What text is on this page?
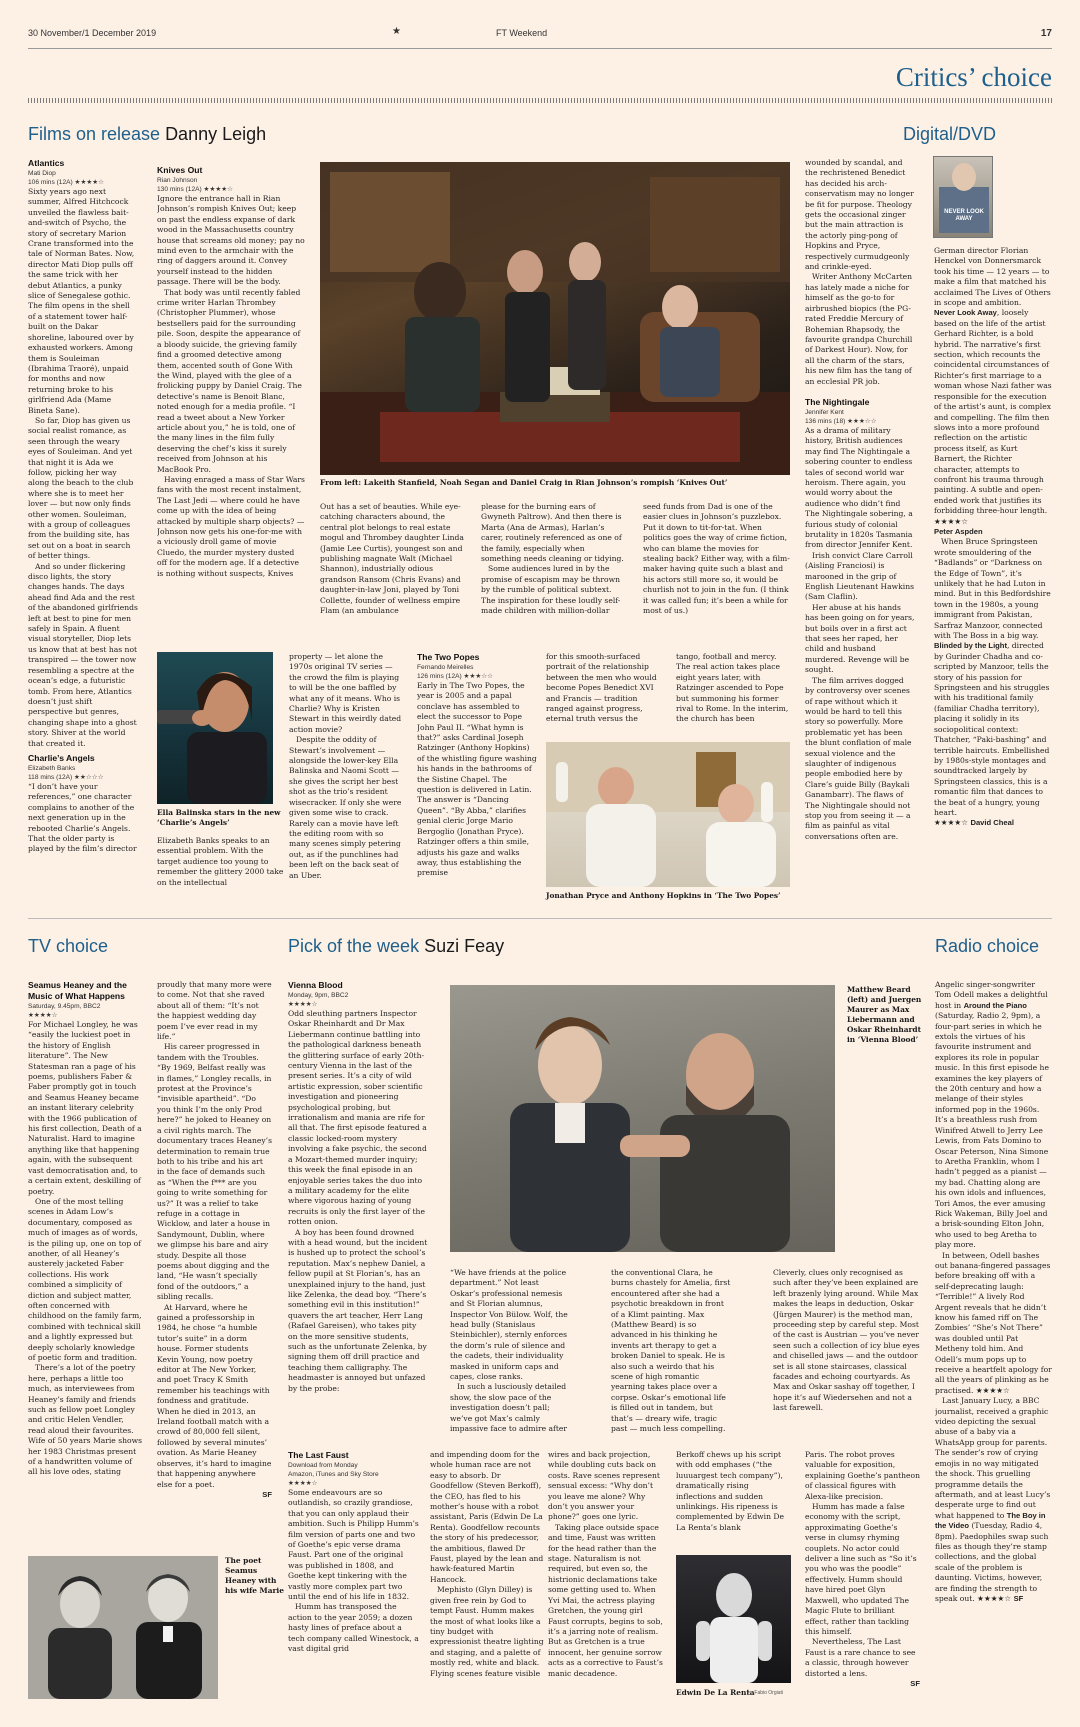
30 November/1 December 2019	★	FT Weekend	17
Critics’ choice
Films on release Danny Leigh	Digital/DVD
Atlantics
Mati Diop
106 mins (12A) ★★★★☆

Sixty years ago next summer, Alfred Hitchcock unveiled the flawless bait-and-switch of Psycho, the story of secretary Marion Crane transformed into the tale of Norman Bates. Now, director Mati Diop pulls off the same trick with her debut Atlantics, a punky slice of Senegalese gothic. The film opens in the shell of a statement tower half-built on the Dakar shoreline, laboured over by exhausted workers. Among them is Souleiman (Ibrahima Traoré), unpaid for months and now returning broke to his girlfriend Ada (Mame Bineta Sane).

So far, Diop has given us social realist romance, as seen through the weary eyes of Souleiman. And yet that night it is Ada we follow, picking her way along the beach to the club where she is to meet her lover — but now only finds other women. Souleiman, with a group of colleagues from the building site, has set out on a boat in search of better things.

And so under flickering disco lights, the story changes hands. The days ahead find Ada and the rest of the abandoned girlfriends left at best to pine for men safely in Spain. A fluent visual storyteller, Diop lets us know that at best has not transpired — the tower now resembling a spectre at the ocean’s edge, a futuristic tomb. From here, Atlantics doesn’t just shift perspective but genres, changing shape into a ghost story. Shiver at the world that created it.

Charlie’s Angels
Elizabeth Banks
118 mins (12A) ★★☆☆☆

“I don’t have your references,” one character complains to another of the next generation up in the rebooted Charlie’s Angels. That the older party is played by the film’s director

Knives Out
Rian Johnson
130 mins (12A) ★★★★☆

Ignore the entrance hall in Rian Johnson’s rompish Knives Out; keep on past the endless expanse of dark wood in the Massachusetts country house that screams old money; pay no mind even to the armchair with the ring of daggers around it. Convey yourself instead to the hidden passage. There will be the body.

That body was until recently fabled crime writer Harlan Thrombey (Christopher Plummer), whose bestsellers paid for the surrounding pile. Soon, despite the appearance of a bloody suicide, the grieving family find a groomed detective among them, accented south of Gone With the Wind, played with the glee of a frolicking puppy by Daniel Craig. The detective’s name is Benoit Blanc, noted enough for a media profile. “I read a tweet about a New Yorker article about you,” he is told, one of the many lines in the film fully deserving the chef’s kiss it surely received from Johnson at his MacBook Pro.

Having enraged a mass of Star Wars fans with the most recent instalment, The Last Jedi — where could he have come up with the idea of being attacked by multiple sharp objects? — Johnson now gets his one-for-me with a viciously droll game of movie Cluedo, the murder mystery dusted off for the modern age. If a detective is nothing without suspects, Knives

From left: Lakeith Stanfield, Noah Segan and Daniel Craig in Rian Johnson’s rompish ‘Knives Out’

Out has a set of beauties. While eye-catching characters abound, the central plot belongs to real estate mogul and Thrombey daughter Linda (Jamie Lee Curtis), youngest son and publishing magnate Walt (Michael Shannon), industrially odious grandson Ransom (Chris Evans) and daughter-in-law Joni, played by Toni Collette, founder of wellness empire Flam (an ambulance

please for the burning ears of Gwyneth Paltrow). And then there is Marta (Ana de Armas), Harlan’s carer, routinely referenced as one of the family, especially when something needs cleaning or tidying.

Some audiences lured in by the promise of escapism may be thrown by the rumble of political subtext. The inspiration for these loudly self-made children with million-dollar

seed funds from Dad is one of the easier clues in Johnson’s puzzlebox. Put it down to tit-for-tat. When politics goes the way of crime fiction, who can blame the movies for stealing back? Either way, with a film-maker having quite such a blast and his actors still more so, it would be churlish not to join in the fun. (I think it was called fun; it’s been a while for most of us.)

Ella Balinska stars in the new ‘Charlie’s Angels’

Elizabeth Banks speaks to an essential problem. With the target audience too young to remember the glittery 2000 take on the intellectual

property — let alone the 1970s original TV series — the crowd the film is playing to will be the one baffled by what any of it means. Who is Charlie? Why is Kristen Stewart in this weirdly dated action movie?

Despite the oddity of Stewart’s involvement — alongside the lower-key Ella Balinska and Naomi Scott — she gives the script her best shot as the trio’s resident wisecracker. If only she were given some wise to crack. Rarely can a movie have left the editing room with so many scenes simply petering out, as if the punchlines had been left on the back seat of an Uber.

The Two Popes
Fernando Meirelles
126 mins (12A) ★★★☆☆

Early in The Two Popes, the year is 2005 and a papal conclave has assembled to elect the successor to Pope John Paul II. “What hymn is that?” asks Cardinal Joseph Ratzinger (Anthony Hopkins) of the whistling figure washing his hands in the bathrooms of the Sistine Chapel. The question is delivered in Latin. The answer is “Dancing Queen”. “By Abba,” clarifies genial cleric Jorge Mario Bergoglio (Jonathan Pryce). Ratzinger offers a thin smile, adjusts his gaze and walks away, thus establishing the premise

for this smooth-surfaced portrait of the relationship between the men who would become Popes Benedict XVI and Francis — tradition ranged against progress, eternal truth versus the

tango, football and mercy. The real action takes place eight years later, with Ratzinger ascended to Pope but summoning his former rival to Rome. In the interim, the church has been

Jonathan Pryce and Anthony Hopkins in ‘The Two Popes’

wounded by scandal, and the rechristened Benedict has decided his arch-conservatism may no longer be fit for purpose. Theology gets the occasional zinger but the main attraction is the actorly ping-pong of Hopkins and Pryce, respectively curmudgeonly and crinkle-eyed.

Writer Anthony McCarten has lately made a niche for himself as the go-to for airbrushed biopics (the PG-rated Freddie Mercury of Bohemian Rhapsody, the favourite grandpa Churchill of Darkest Hour). Now, for all the charm of the stars, his new film has the tang of an ecclesial PR job.

The Nightingale
Jennifer Kent
136 mins (18) ★★★☆☆

As a drama of military history, British audiences may find The Nightingale a sobering counter to endless tales of second world war heroism. There again, you would worry about the audience who didn’t find The Nightingale sobering, a furious study of colonial brutality in 1820s Tasmania from director Jennifer Kent.

Irish convict Clare Carroll (Aisling Franciosi) is marooned in the grip of English Lieutenant Hawkins (Sam Claflin).

Her abuse at his hands has been going on for years, but boils over in a first act that sees her raped, her child and husband murdered. Revenge will be sought.

The film arrives dogged by controversy over scenes of rape without which it would be hard to tell this story so powerfully. More problematic yet has been the blunt conflation of male sexual violence and the slaughter of indigenous people embodied here by Clare’s guide Billy (Baykali Ganambarr). The flaws of The Nightingale should not stop you from seeing it — a film as painful as vital conversations often are.

NEVER LOOK AWAY

German director Florian Henckel von Donnersmarck took his time — 12 years — to make a film that matched his acclaimed The Lives of Others in scope and ambition.

Never Look Away, loosely based on the life of the artist Gerhard Richter, is a bold hybrid. The narrative’s first section, which recounts the coincidental circumstances of Richter’s first marriage to a woman whose Nazi father was responsible for the execution of the artist’s aunt, is complex and compelling. The film then slows into a more profound reflection on the artistic process itself, as Kurt Barnert, the Richter character, attempts to confront his trauma through painting. A subtle and open-ended work that justifies its forbidding three-hour length. ★★★★☆

Peter Aspden

When Bruce Springsteen wrote smouldering of the “Badlands” or “Darkness on the Edge of Town”, it’s unlikely that he had Luton in mind. But in this Bedfordshire town in the 1980s, a young immigrant from Pakistan, Sarfraz Manzoor, connected with The Boss in a big way.

Blinded by the Light, directed by Gurinder Chadha and co-scripted by Manzoor, tells the story of his passion for Springsteen and his struggles with his traditional family (familiar Chadha territory), placing it solidly in its sociopolitical context: Thatcher, “Paki-bashing” and terrible haircuts. Embellished by 1980s-style montages and soundtracked largely by Springsteen classics, this is a romantic film that dances to the beat of a hungry, young heart.

★★★★☆ David Cheal

TV choice	Pick of the week Suzi Feay	Radio choice
Seamus Heaney and the Music of What Happens
Saturday, 9.45pm, BBC2
★★★★☆

For Michael Longley, he was “easily the luckiest poet in the history of English literature”. The New Statesman ran a page of his poems, publishers Faber & Faber promptly got in touch and Seamus Heaney became an instant literary celebrity with the 1966 publication of his first collection, Death of a Naturalist. Hard to imagine anything like that happening again, with the subsequent vast democratisation and, to a certain extent, deskilling of poetry.

One of the most telling scenes in Adam Low’s documentary, composed as much of images as of words, is the piling up, one on top of another, of all Heaney’s austerely jacketed Faber collections. His work combined a simplicity of diction and subject matter, often concerned with childhood on the family farm, combined with technical skill and a lightly expressed but deeply scholarly knowledge of poetic form and tradition.

There’s a lot of the poetry here, perhaps a little too much, as interviewees from Heaney’s family and friends such as fellow poet Longley and critic Helen Vendler, read aloud their favourites. Wife of 50 years Marie shows her 1983 Christmas present of a handwritten volume of all his love odes, stating

proudly that many more were to come. Not that she raved about all of them: “It’s not the happiest wedding day poem I’ve ever read in my life.”

His career progressed in tandem with the Troubles. “By 1969, Belfast really was in flames,” Longley recalls, in protest at the Province’s “invisible apartheid”. “Do you think I’m the only Prod here?” he joked to Heaney on a civil rights march. The documentary traces Heaney’s determination to remain true both to his tribe and his art in the face of demands such as “When the f*** are you going to write something for us?” It was a relief to take refuge in a cottage in Wicklow, and later a house in Sandymount, Dublin, where we glimpse his bare and airy study. Despite all those poems about digging and the land, “He wasn’t specially fond of the outdoors,” a sibling recalls.

At Harvard, where he gained a professorship in 1984, he chose “a humble tutor’s suite” in a dorm house. Former students Kevin Young, now poetry editor at The New Yorker, and poet Tracy K Smith remember his teachings with fondness and gratitude. When he died in 2013, an Ireland football match with a crowd of 80,000 fell silent, followed by several minutes’ ovation. As Marie Heaney observes, it’s hard to imagine that happening anywhere else for a poet.

SF

The poet Seamus Heaney with his wife Marie
Vienna Blood
Monday, 9pm, BBC2
★★★★☆

Odd sleuthing partners Inspector Oskar Rheinhardt and Dr Max Liebermann continue battling into the pathological darkness beneath the glittering surface of early 20th-century Vienna in the last of the present series. It’s a city of wild artistic expression, sober scientific investigation and pioneering psychological probing, but irrationalism and mania are rife for all that. The first episode featured a classic locked-room mystery involving a fake psychic, the second a Mozart-themed murder inquiry; this week the final episode in an enjoyable series takes the duo into a military academy for the elite where vigorous hazing of young recruits is only the first layer of the rotten onion.

A boy has been found drowned with a head wound, but the incident is hushed up to protect the school’s reputation. Max’s nephew Daniel, a fellow pupil at St Florian’s, has an unexplained injury to the hand, just like Zelenka, the dead boy. “There’s something evil in this institution!” quavers the art teacher, Herr Lang (Rafael Gareisen), who takes pity on the more sensitive students, such as the unfortunate Zelenka, by signing them off drill practice and teaching them calligraphy. The headmaster is annoyed but unfazed by the probe:

Matthew Beard (left) and Juergen Maurer as Max Liebermann and Oskar Rheinhardt in ‘Vienna Blood’

“We have friends at the police department.” Not least Oskar’s professional nemesis and St Florian alumnus, Inspector Von Bülow. Wolf, the head bully (Stanislaus Steinbichler), sternly enforces the dorm’s rule of silence and the cadets, their individuality masked in uniform caps and capes, close ranks.

In such a lusciously detailed show, the slow pace of the investigation doesn’t pall; we’ve got Max’s calmly impassive face to admire after

the conventional Clara, he burns chastely for Amelia, first encountered after she had a psychotic breakdown in front of a Klimt painting. Max (Matthew Beard) is so advanced in his thinking he invents art therapy to get a broken Daniel to speak. He is also such a weirdo that his scene of high romantic yearning takes place over a corpse. Oskar’s emotional life is filled out in tandem, but that’s — dreary wife, tragic past — much less compelling.

Cleverly, clues only recognised as such after they’ve been explained are left brazenly lying around. While Max makes the leaps in deduction, Oskar (Jürgen Maurer) is the method man, proceeding step by careful step. Most of the cast is Austrian — you’ve never seen such a collection of icy blue eyes and chiselled jaws — and the outdoor set is all stone staircases, classical facades and echoing courtyards. As Max and Oskar sashay off together, I hope it’s auf Wiedersehen and not a last farewell.

The Last Faust
Download from Monday
Amazon, iTunes and Sky Store
★★★★☆

Some endeavours are so outlandish, so crazily grandiose, that you can only applaud their ambition. Such is Philipp Humm’s film version of parts one and two of Goethe’s epic verse drama Faust. Part one of the original was published in 1808, and Goethe kept tinkering with the vastly more complex part two until the end of his life in 1832.

Humm has transposed the action to the year 2059; a dozen hasty lines of preface about a tech company called Winestock, a vast digital grid

and impending doom for the whole human race are not easy to absorb. Dr Goodfellow (Steven Berkoff), the CEO, has fled to his mother’s house with a robot assistant, Paris (Edwin De La Renta). Goodfellow recounts the story of his predecessor, the ambitious, flawed Dr Faust, played by the lean and hawk-featured Martin Hancock.

Mephisto (Glyn Dilley) is given free rein by God to tempt Faust. Humm makes the most of what looks like a tiny budget with expressionist theatre lighting and staging, and a palette of mostly red, white and black. Flying scenes feature visible

wires and back projection, while doubling cuts back on costs. Rave scenes represent sensual excess: “Why don’t you leave me alone? Why don’t you answer your phone?” goes one lyric.

Taking place outside space and time, Faust was written for the head rather than the stage. Naturalism is not required, but even so, the histrionic declamations take some getting used to. When Yvi Mai, the actress playing Gretchen, the young girl Faust corrupts, begins to sob, it’s a jarring note of realism. But as Gretchen is a true innocent, her genuine sorrow acts as a corrective to Faust’s manic decadence.

Berkoff chews up his script with odd emphases (“the luuuargest tech company”), dramatically rising inflections and sudden unlinkings. His ripeness is complemented by Edwin De La Renta’s blank

Edwin De La Renta
— Fabio Orgiati

Paris. The robot proves valuable for exposition, explaining Goethe’s pantheon of classical figures with Alexa-like precision.

Humm has made a false economy with the script, approximating Goethe’s verse in clumsy rhyming couplets. No actor could deliver a line such as “So it’s you who was the poodle” effectively. Humm should have hired poet Glyn Maxwell, who updated The Magic Flute to brilliant effect, rather than tackling this himself.

Nevertheless, The Last Faust is a rare chance to see a classic, through however distorted a lens.

SF

Angelic singer-songwriter Tom Odell makes a delightful host in Around the Piano (Saturday, Radio 2, 9pm), a four-part series in which he extols the virtues of his favourite instrument and explores its role in popular music. In this first episode he examines the key players of the 20th century and how a melange of their styles informed pop in the 1960s. It’s a breathless rush from Winifred Atwell to Jerry Lee Lewis, from Fats Domino to Oscar Peterson, Nina Simone to Aretha Franklin, whom I hadn’t pegged as a pianist — my bad. Chatting along are his own idols and influences, Tori Amos, the ever amusing Rick Wakeman, Billy Joel and a brisk-sounding Elton John, who used to beg Aretha to play more.

In between, Odell bashes out banana-fingered passages before breaking off with a self-deprecating laugh: “Terrible!” A lively Rod Argent reveals that he didn’t know his famed riff on The Zombies’ “She’s Not There” was doubled until Pat Metheny told him. And Odell’s mum pops up to receive a heartfelt apology for all the years of plinking as he practised. ★★★★☆

Last January Lucy, a BBC journalist, received a graphic video depicting the sexual abuse of a baby via a WhatsApp group for parents. The sender’s row of crying emojis in no way mitigated the shock. This gruelling programme details the aftermath, and at least Lucy’s desperate urge to find out what happened to The Boy in the Video (Tuesday, Radio 4, 8pm). Paedophiles swap such files as though they’re stamp collections, and the global scale of the problem is daunting. Victims, however, are finding the strength to speak out. ★★★★☆ SF
